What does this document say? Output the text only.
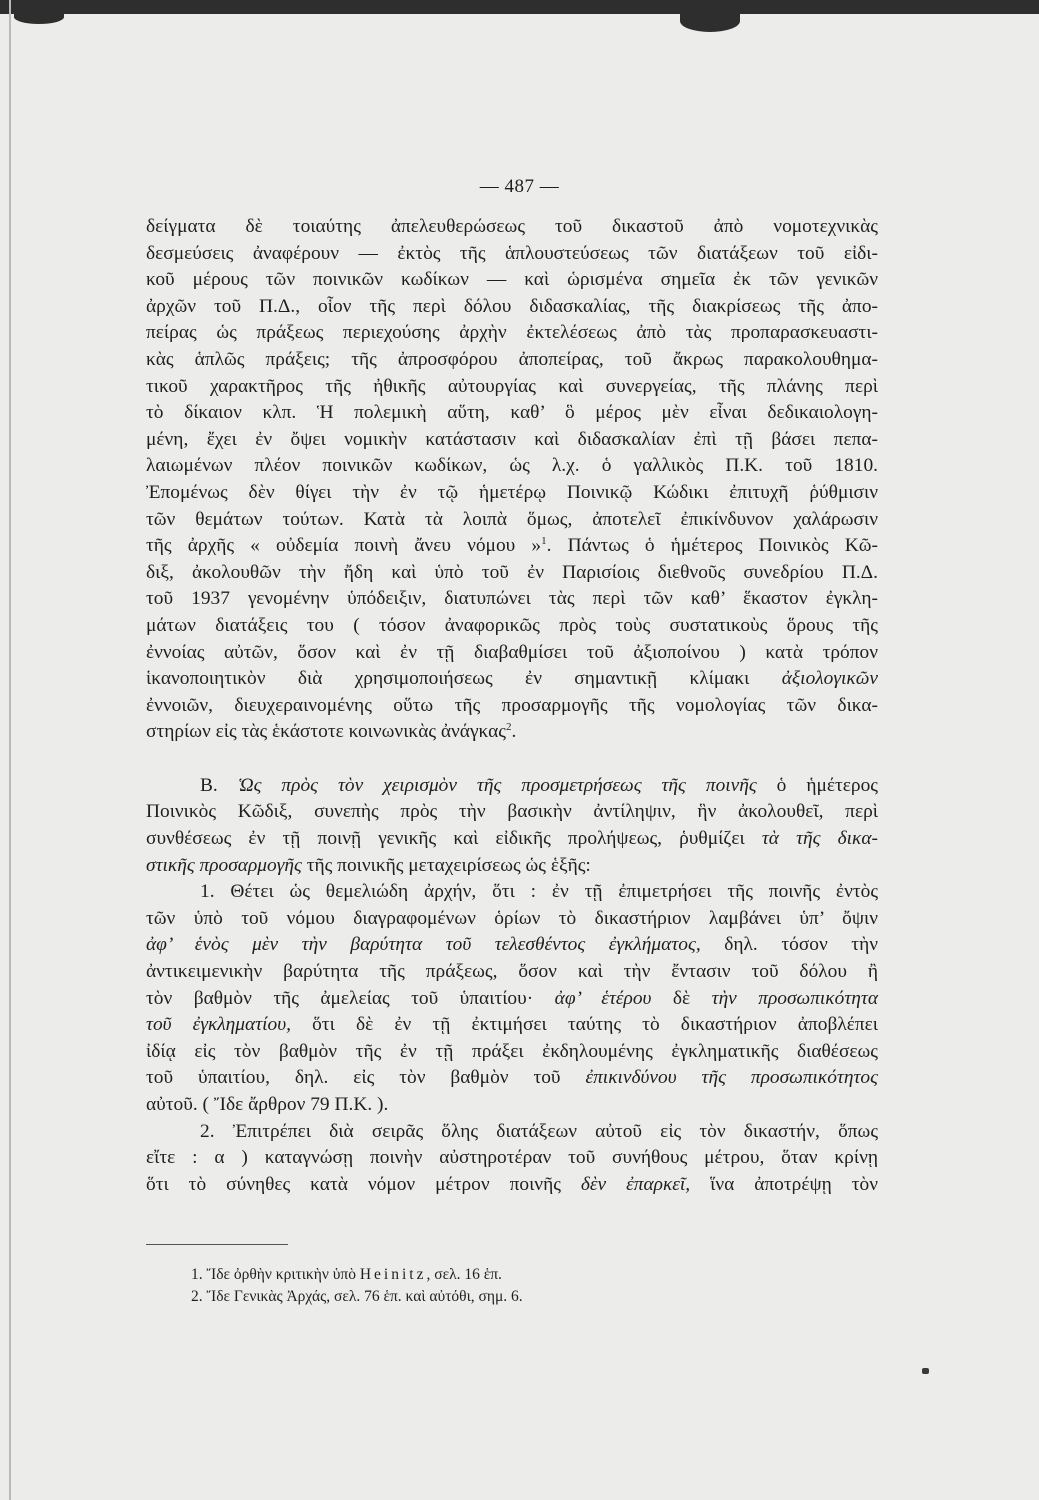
— 487 —
δείγματα δὲ τοιαύτης ἀπελευθερώσεως τοῦ δικαστοῦ ἀπὸ νομοτεχνικὰς
δεσμεύσεις ἀναφέρουν — ἐκτὸς τῆς ἁπλουστεύσεως τῶν διατάξεων τοῦ εἰδι-
κοῦ μέρους τῶν ποινικῶν κωδίκων — καὶ ὡρισμένα σημεῖα ἐκ τῶν γενικῶν
ἀρχῶν τοῦ Π.Δ., οἷον τῆς περὶ δόλου διδασκαλίας, τῆς διακρίσεως τῆς ἀπο-
πείρας ὡς πράξεως περιεχούσης ἀρχὴν ἐκτελέσεως ἀπὸ τὰς προπαρασκευαστι-
κὰς ἁπλῶς πράξεις; τῆς ἀπροσφόρου ἀποπείρας, τοῦ ἄκρως παρακολουθημα-
τικοῦ χαρακτῆρος τῆς ἠθικῆς αὐτουργίας καὶ συνεργείας, τῆς πλάνης περὶ
τὸ δίκαιον κλπ. Ἡ πολεμικὴ αὕτη, καθ’ ὃ μέρος μὲν εἶναι δεδικαιολογη-
μένη, ἔχει ἐν ὄψει νομικὴν κατάστασιν καὶ διδασκαλίαν ἐπὶ τῇ βάσει πεπα-
λαιωμένων πλέον ποινικῶν κωδίκων, ὡς λ.χ. ὁ γαλλικὸς Π.Κ. τοῦ 1810.
Ἐπομένως δὲν θίγει τὴν ἐν τῷ ἡμετέρῳ Ποινικῷ Κώδικι ἐπιτυχῆ ῥύθμισιν
τῶν θεμάτων τούτων. Κατὰ τὰ λοιπὰ ὅμως, ἀποτελεῖ ἐπικίνδυνον χαλάρωσιν
τῆς ἀρχῆς « οὐδεμία ποινὴ ἄνευ νόμου »$^1$. Πάντως ὁ ἡμέτερος Ποινικὸς Κῶ-
διξ, ἀκολουθῶν τὴν ἤδη καὶ ὑπὸ τοῦ ἐν Παρισίοις διεθνοῦς συνεδρίου Π.Δ.
τοῦ 1937 γενομένην ὑπόδειξιν, διατυπώνει τὰς περὶ τῶν καθ’ ἕκαστον ἐγκλη-
μάτων διατάξεις του ( τόσον ἀναφορικῶς πρὸς τοὺς συστατικοὺς ὅρους τῆς
ἐννοίας αὐτῶν, ὅσον καὶ ἐν τῇ διαβαθμίσει τοῦ ἀξιοποίνου ) κατὰ τρόπον
ἱκανοποιητικὸν διὰ χρησιμοποιήσεως ἐν σημαντικῇ κλίμακι ἀξιολογικῶν
ἐννοιῶν, διευχεραινομένης οὕτω τῆς προσαρμογῆς τῆς νομολογίας τῶν δικα-
στηρίων εἰς τὰς ἑκάστοτε κοινωνικὰς ἀνάγκας$^2$.
Β. Ὡς πρὸς τὸν χειρισμὸν τῆς προσμετρήσεως τῆς ποινῆς ὁ ἡμέτερος
Ποινικὸς Κῶδιξ, συνεπὴς πρὸς τὴν βασικὴν ἀντίληψιν, ἣν ἀκολουθεῖ, περὶ
συνθέσεως ἐν τῇ ποινῇ γενικῆς καὶ εἰδικῆς προλήψεως, ῥυθμίζει τὰ τῆς δικα-
στικῆς προσαρμογῆς τῆς ποινικῆς μεταχειρίσεως ὡς ἑξῆς:
1. Θέτει ὡς θεμελιώδη ἀρχήν, ὅτι : ἐν τῇ ἐπιμετρήσει τῆς ποινῆς ἐντὸς
τῶν ὑπὸ τοῦ νόμου διαγραφομένων ὁρίων τὸ δικαστήριον λαμβάνει ὑπ’ ὄψιν
ἀφ’ ἑνὸς μὲν τὴν βαρύτητα τοῦ τελεσθέντος ἐγκλήματος, δηλ. τόσον τὴν
ἀντικειμενικὴν βαρύτητα τῆς πράξεως, ὅσον καὶ τὴν ἔντασιν τοῦ δόλου ἢ
τὸν βαθμὸν τῆς ἀμελείας τοῦ ὑπαιτίου· ἀφ’ ἑτέρου δὲ τὴν προσωπικότητα
τοῦ ἐγκληματίου, ὅτι δὲ ἐν τῇ ἐκτιμήσει ταύτης τὸ δικαστήριον ἀποβλέπει
ἰδίᾳ εἰς τὸν βαθμὸν τῆς ἐν τῇ πράξει ἐκδηλουμένης ἐγκληματικῆς διαθέσεως
τοῦ ὑπαιτίου, δηλ. εἰς τὸν βαθμὸν τοῦ ἐπικινδύνου τῆς προσωπικότητος
αὐτοῦ. ( Ἴδε ἄρθρον 79 Π.Κ. ).
2. Ἐπιτρέπει διὰ σειρᾶς ὅλης διατάξεων αὐτοῦ εἰς τὸν δικαστήν, ὅπως
εἴτε : α ) καταγνώσῃ ποινὴν αὐστηροτέραν τοῦ συνήθους μέτρου, ὅταν κρίνῃ
ὅτι τὸ σύνηθες κατὰ νόμον μέτρον ποινῆς δὲν ἐπαρκεῖ, ἵνα ἀποτρέψῃ τὸν
1. Ἴδε ὀρθὴν κριτικὴν ὑπὸ Heinitz, σελ. 16 ἑπ.
2. Ἴδε Γενικὰς Ἀρχάς, σελ. 76 ἑπ. καὶ αὐτόθι, σημ. 6.
